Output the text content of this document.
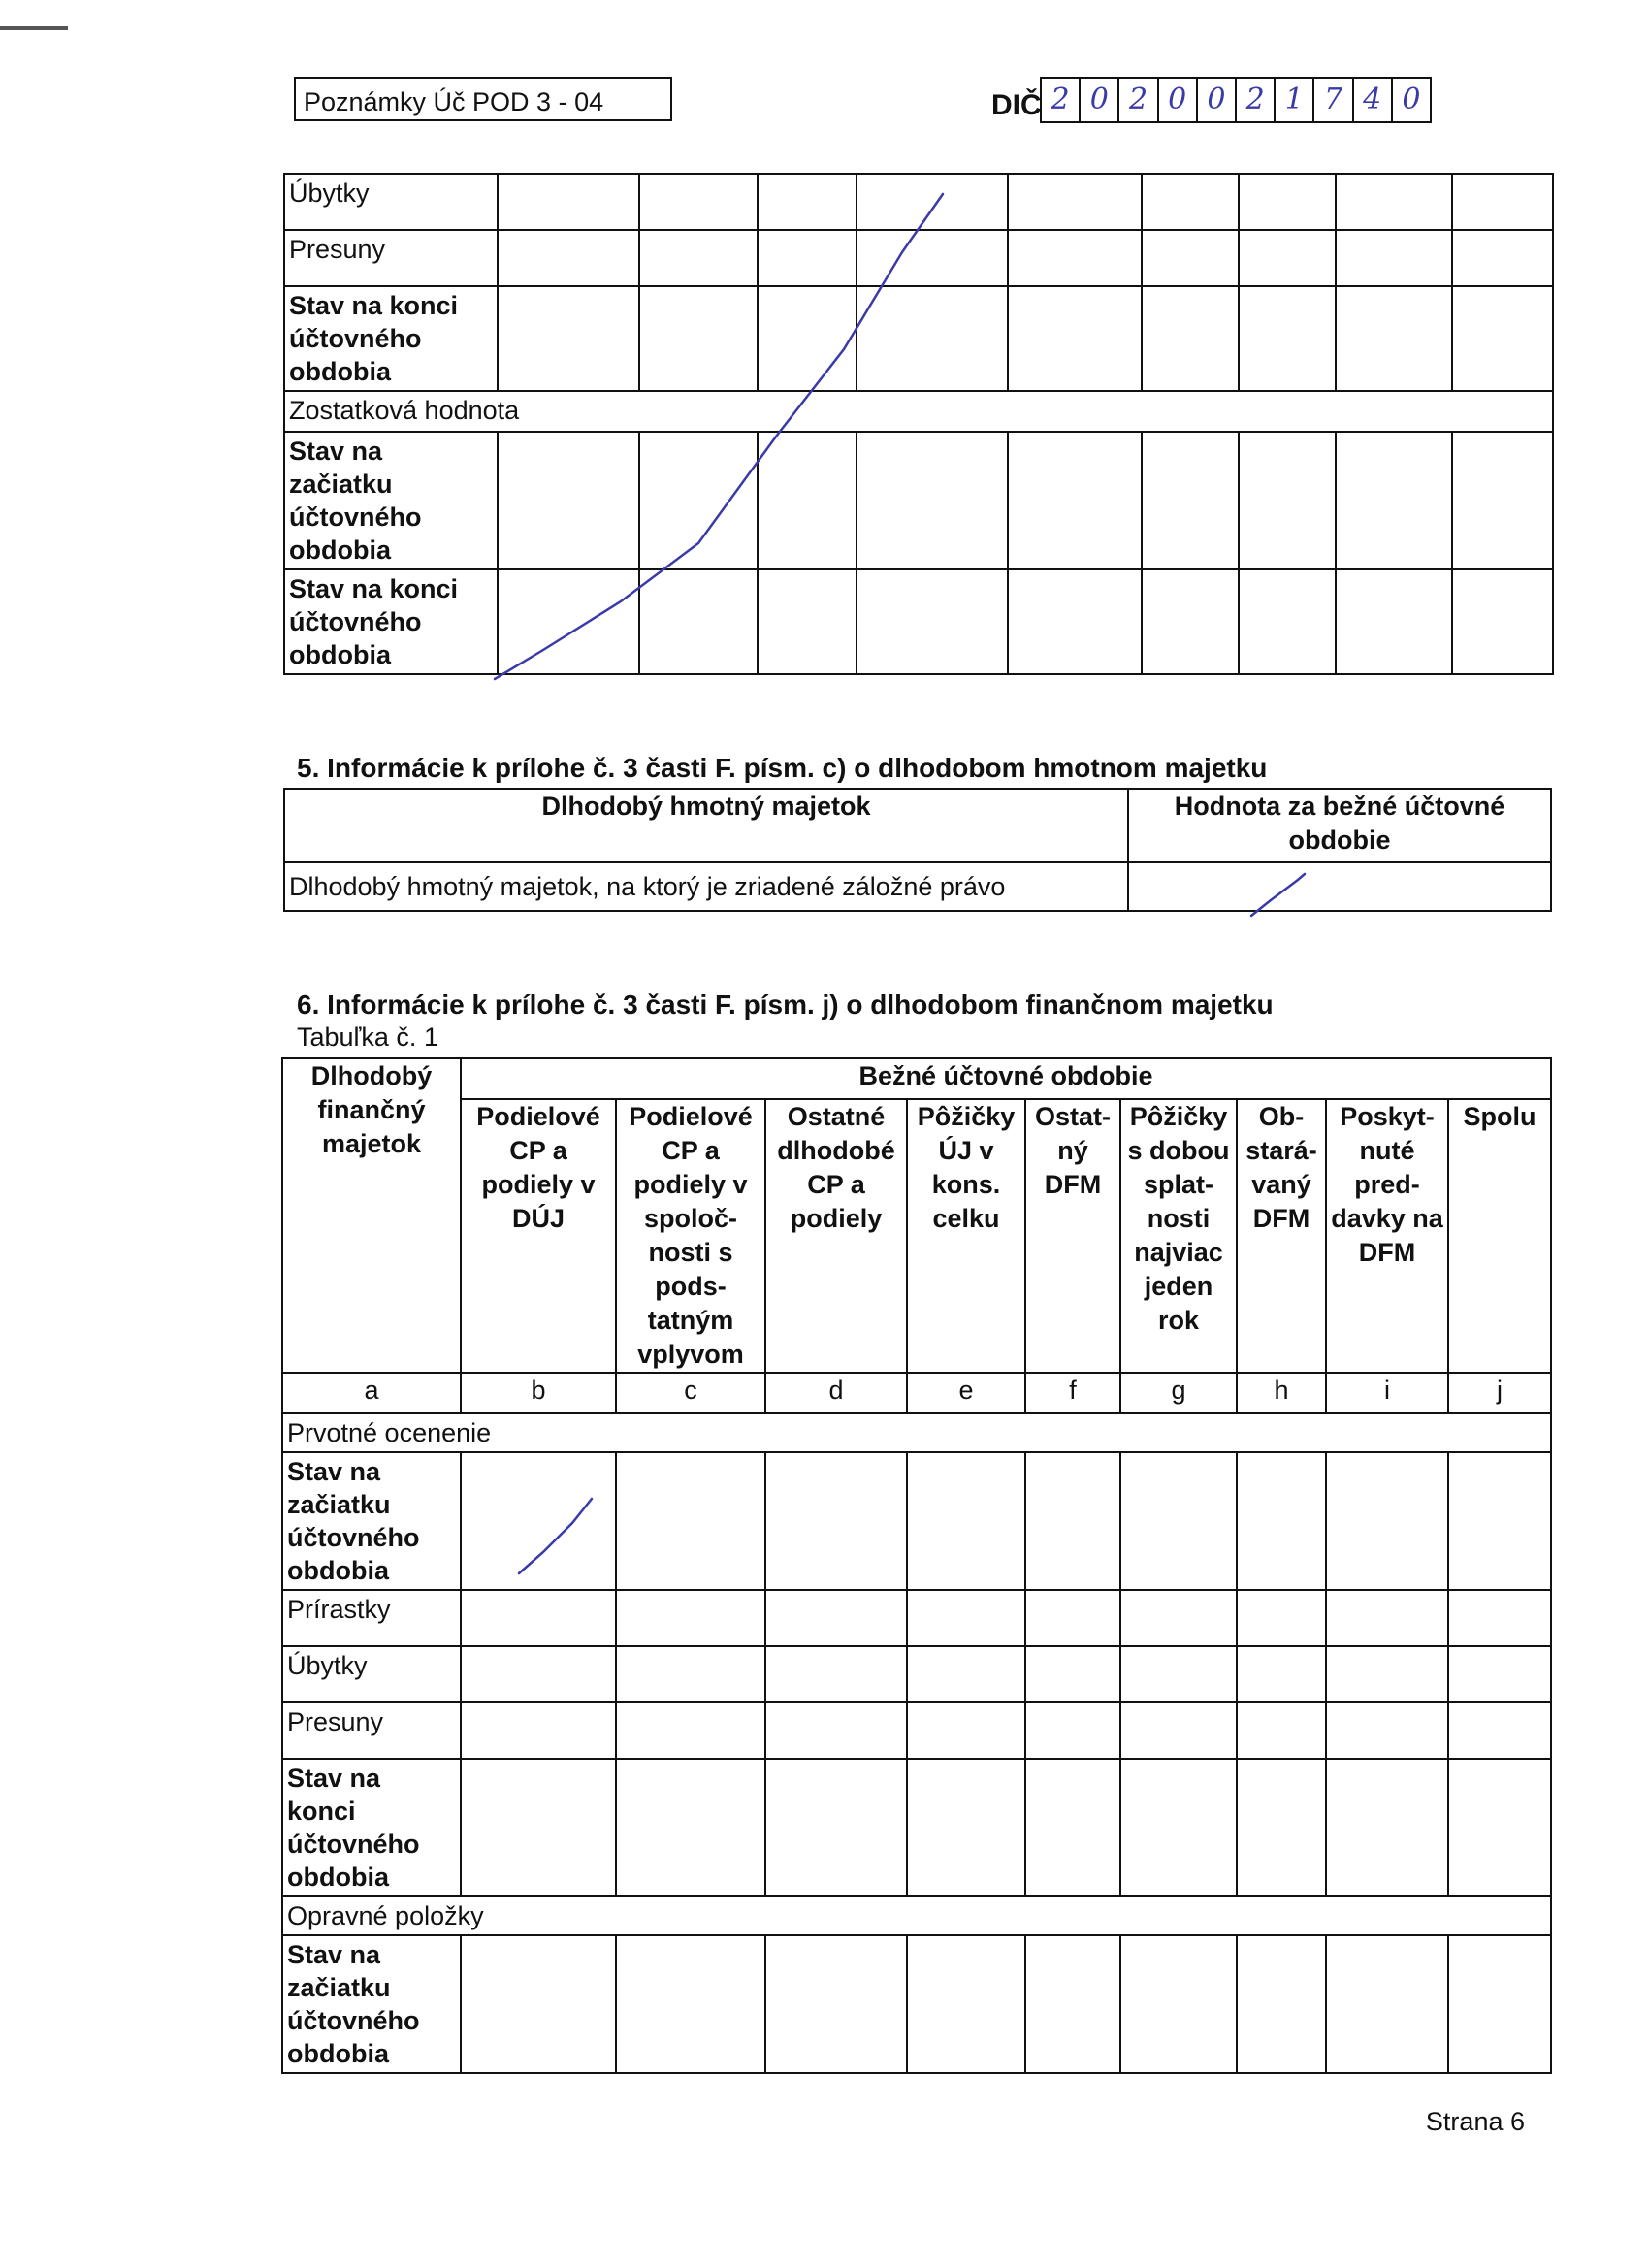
Poznámky Úč POD 3 - 04	DIČ 2 0 2 0 0 2 1 7 4 0
Úbytky									
Presuny									
Stav na konci účtovného obdobia									
Zostatková hodnota									
Stav na začiatku účtovného obdobia									
Stav na konci účtovného obdobia									
5. Informácie k prílohe č. 3 časti F. písm. c) o dlhodobom hmotnom majetku
Dlhodobý hmotný majetok	Hodnota za bežné účtovné obdobie
Dlhodobý hmotný majetok, na ktorý je zriadené záložné právo	
6. Informácie k prílohe č. 3 časti F. písm. j) o dlhodobom finančnom majetku
Tabuľka č. 1
Dlhodobý finančný majetok	Bežné účtovné obdobie								
	Podielové CP a podiely v DÚJ	Podielové CP a podiely v spoloč-nosti s pods-tatným vplyvom	Ostatné dlhodobé CP a podiely	Pôžičky ÚJ v kons. celku	Ostat-ný DFM	Pôžičky s dobou splat-nosti najviac jeden rok	Ob-stará-vaný DFM	Poskyt-nuté pred-davky na DFM	Spolu
a	b	c	d	e	f	g	h	i	j
Prvotné ocenenie									
Stav na začiatku účtovného obdobia									
Prírastky									
Úbytky									
Presuny									
Stav na konci účtovného obdobia									
Opravné položky									
Stav na začiatku účtovného obdobia									
Strana 6
